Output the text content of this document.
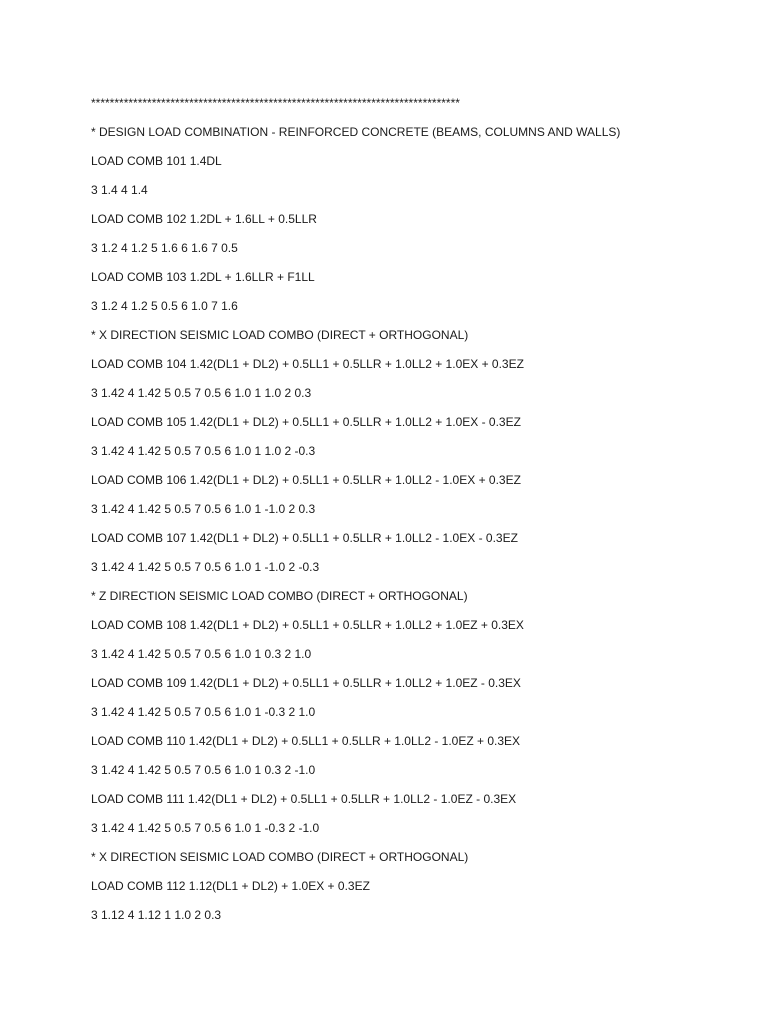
*******************************************************************************
* DESIGN LOAD COMBINATION - REINFORCED CONCRETE (BEAMS, COLUMNS AND WALLS)
LOAD COMB 101 1.4DL
3 1.4 4 1.4
LOAD COMB 102 1.2DL + 1.6LL + 0.5LLR
3 1.2 4 1.2 5 1.6 6 1.6 7 0.5
LOAD COMB 103 1.2DL + 1.6LLR + F1LL
3 1.2 4 1.2 5 0.5 6 1.0 7 1.6
* X DIRECTION SEISMIC LOAD COMBO (DIRECT + ORTHOGONAL)
LOAD COMB 104 1.42(DL1 + DL2) + 0.5LL1 + 0.5LLR + 1.0LL2 + 1.0EX + 0.3EZ
3 1.42 4 1.42 5 0.5 7 0.5 6 1.0 1 1.0 2 0.3
LOAD COMB 105 1.42(DL1 + DL2) + 0.5LL1 + 0.5LLR + 1.0LL2 + 1.0EX - 0.3EZ
3 1.42 4 1.42 5 0.5 7 0.5 6 1.0 1 1.0 2 -0.3
LOAD COMB 106 1.42(DL1 + DL2) + 0.5LL1 + 0.5LLR + 1.0LL2 - 1.0EX + 0.3EZ
3 1.42 4 1.42 5 0.5 7 0.5 6 1.0 1 -1.0 2 0.3
LOAD COMB 107 1.42(DL1 + DL2) + 0.5LL1 + 0.5LLR + 1.0LL2 - 1.0EX - 0.3EZ
3 1.42 4 1.42 5 0.5 7 0.5 6 1.0 1 -1.0 2 -0.3
* Z DIRECTION SEISMIC LOAD COMBO (DIRECT + ORTHOGONAL)
LOAD COMB 108 1.42(DL1 + DL2) + 0.5LL1 + 0.5LLR + 1.0LL2 + 1.0EZ + 0.3EX
3 1.42 4 1.42 5 0.5 7 0.5 6 1.0 1 0.3 2 1.0
LOAD COMB 109 1.42(DL1 + DL2) + 0.5LL1 + 0.5LLR + 1.0LL2 + 1.0EZ - 0.3EX
3 1.42 4 1.42 5 0.5 7 0.5 6 1.0 1 -0.3 2 1.0
LOAD COMB 110 1.42(DL1 + DL2) + 0.5LL1 + 0.5LLR + 1.0LL2 - 1.0EZ + 0.3EX
3 1.42 4 1.42 5 0.5 7 0.5 6 1.0 1 0.3 2 -1.0
LOAD COMB 111 1.42(DL1 + DL2) + 0.5LL1 + 0.5LLR + 1.0LL2 - 1.0EZ - 0.3EX
3 1.42 4 1.42 5 0.5 7 0.5 6 1.0 1 -0.3 2 -1.0
* X DIRECTION SEISMIC LOAD COMBO (DIRECT + ORTHOGONAL)
LOAD COMB 112 1.12(DL1 + DL2) + 1.0EX + 0.3EZ
3 1.12 4 1.12 1 1.0 2 0.3
